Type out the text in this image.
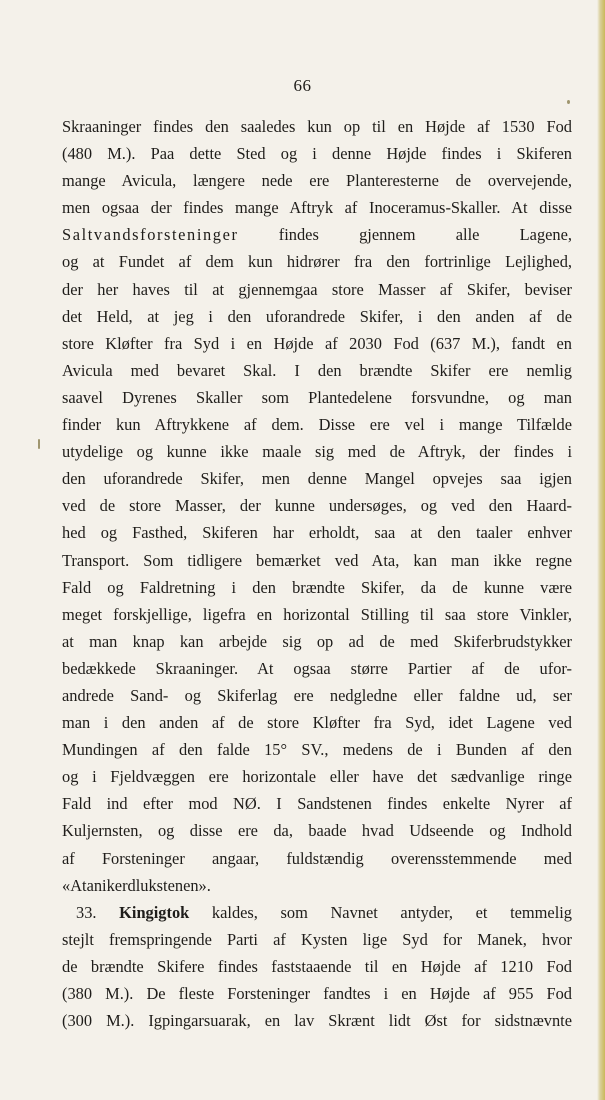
66
Skraaninger findes den saaledes kun op til en Højde af 1530 Fod
(480 M.). Paa dette Sted og i denne Højde findes i Skiferen
mange Avicula, længere nede ere Planteresterne de overvejende,
men ogsaa der findes mange Aftryk af Inoceramus-Skaller. At disse
Saltvandsforsteninger findes gjennem alle Lagene,
og at Fundet af dem kun hidrører fra den fortrinlige Lejlighed,
der her haves til at gjennemgaa store Masser af Skifer, beviser
det Held, at jeg i den uforandrede Skifer, i den anden af de
store Kløfter fra Syd i en Højde af 2030 Fod (637 M.), fandt en
Avicula med bevaret Skal. I den brændte Skifer ere nemlig
saavel Dyrenes Skaller som Plantedelene forsvundne, og man
finder kun Aftrykkene af dem. Disse ere vel i mange Tilfælde
utydelige og kunne ikke maale sig med de Aftryk, der findes i
den uforandrede Skifer, men denne Mangel opvejes saa igjen
ved de store Masser, der kunne undersøges, og ved den Haard-
hed og Fasthed, Skiferen har erholdt, saa at den taaler enhver
Transport. Som tidligere bemærket ved Ata, kan man ikke regne
Fald og Faldretning i den brændte Skifer, da de kunne være
meget forskjellige, ligefra en horizontal Stilling til saa store Vinkler,
at man knap kan arbejde sig op ad de med Skiferbrudstykker
bedækkede Skraaninger. At ogsaa større Partier af de ufor-
andrede Sand- og Skiferlag ere nedgledne eller faldne ud, ser
man i den anden af de store Kløfter fra Syd, idet Lagene ved
Mundingen af den falde 15° SV., medens de i Bunden af den
og i Fjeldvæggen ere horizontale eller have det sædvanlige ringe
Fald ind efter mod NØ. I Sandstenen findes enkelte Nyrer af
Kuljernsten, og disse ere da, baade hvad Udseende og Indhold
af Forsteninger angaar, fuldstændig overensstemmende med
«Atanikerdlukstenen».
33. Kingigtok kaldes, som Navnet antyder, et temmelig
stejlt fremspringende Parti af Kysten lige Syd for Manek, hvor
de brændte Skifere findes faststaaende til en Højde af 1210 Fod
(380 M.). De fleste Forsteninger fandtes i en Højde af 955 Fod
(300 M.). Igpingarsuarak, en lav Skrænt lidt Øst for sidstnævnte
